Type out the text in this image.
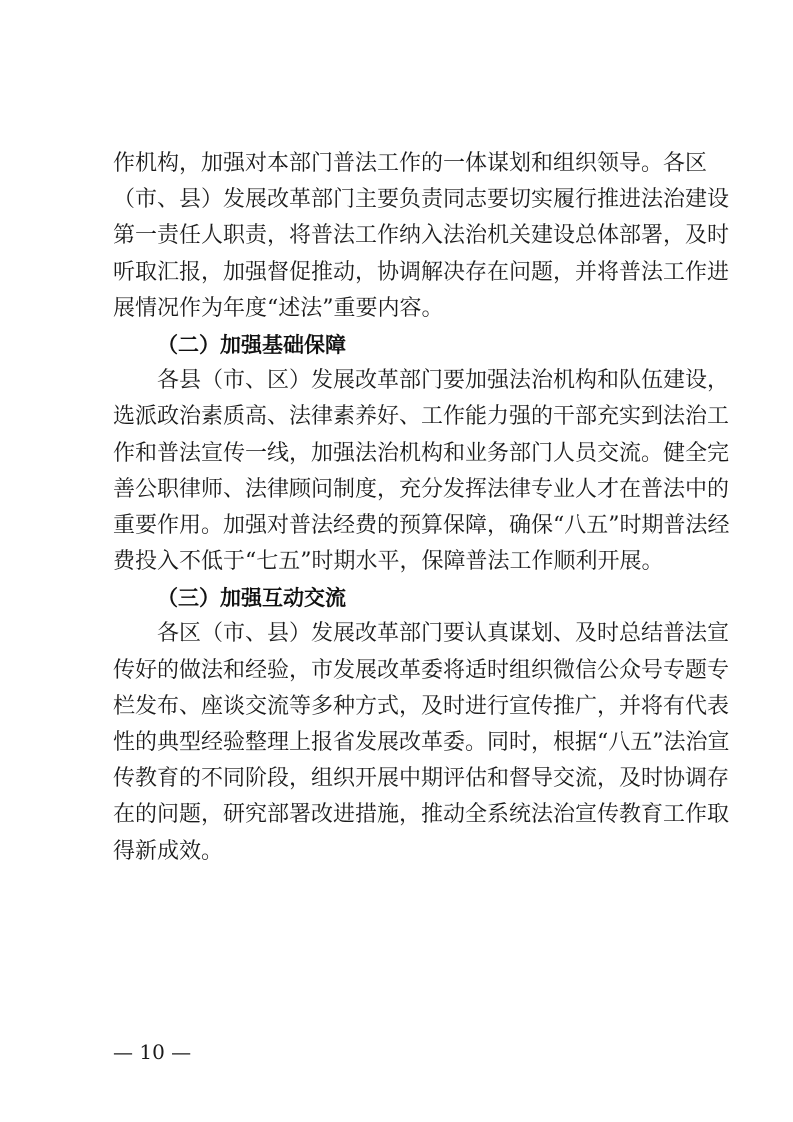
作机构，加强对本部门普法工作的一体谋划和组织领导。各区
（市、县）发展改革部门主要负责同志要切实履行推进法治建设
第一责任人职责，将普法工作纳入法治机关建设总体部署，及时
听取汇报，加强督促推动，协调解决存在问题，并将普法工作进
展情况作为年度“述法”重要内容。
（二）加强基础保障
各县（市、区）发展改革部门要加强法治机构和队伍建设，
选派政治素质高、法律素养好、工作能力强的干部充实到法治工
作和普法宣传一线，加强法治机构和业务部门人员交流。健全完
善公职律师、法律顾问制度，充分发挥法律专业人才在普法中的
重要作用。加强对普法经费的预算保障，确保“八五”时期普法经
费投入不低于“七五”时期水平，保障普法工作顺利开展。
（三）加强互动交流
各区（市、县）发展改革部门要认真谋划、及时总结普法宣
传好的做法和经验，市发展改革委将适时组织微信公众号专题专
栏发布、座谈交流等多种方式，及时进行宣传推广，并将有代表
性的典型经验整理上报省发展改革委。同时，根据“八五”法治宣
传教育的不同阶段，组织开展中期评估和督导交流，及时协调存
在的问题，研究部署改进措施，推动全系统法治宣传教育工作取
得新成效。
— 10 —
